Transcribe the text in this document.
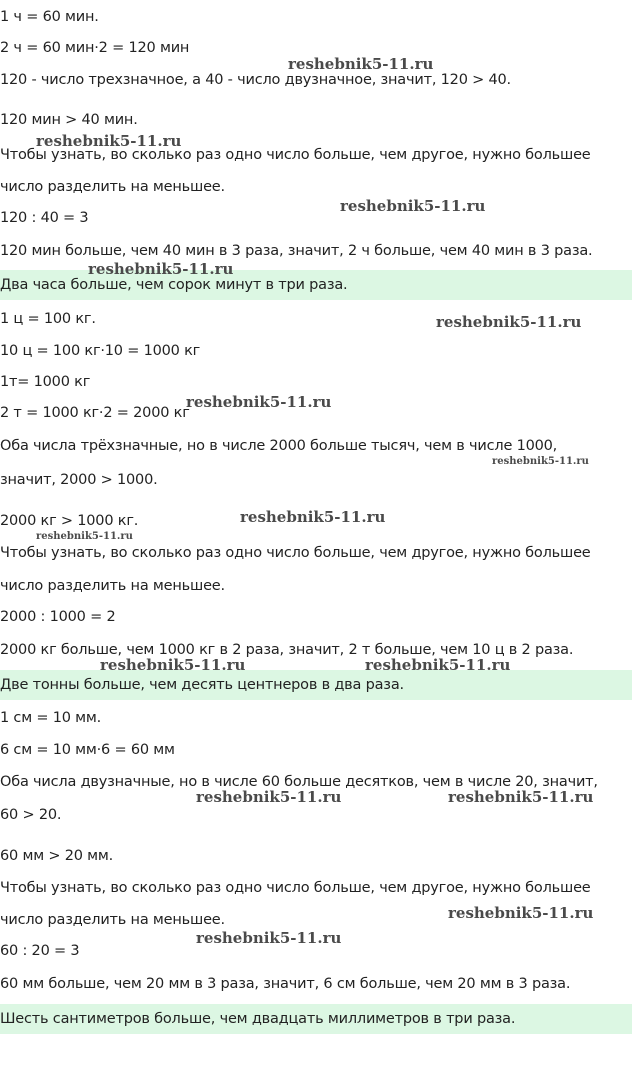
1 ч = 60 мин.
2 ч = 60 мин·2 = 120 мин
120 - число трехзначное, а 40 - число двузначное, значит, 120 > 40.
120 мин > 40 мин.
Чтобы узнать, во сколько раз одно число больше, чем другое, нужно большее
число разделить на меньшее.
120 : 40 = 3
120 мин больше, чем 40 мин в 3 раза, значит, 2 ч больше, чем 40 мин в 3 раза.
Два часа больше, чем сорок минут в три раза.
1 ц = 100 кг.
10 ц = 100 кг·10 = 1000 кг
1т= 1000 кг
2 т = 1000 кг·2 = 2000 кг
Оба числа трёхзначные, но в числе 2000 больше тысяч, чем в числе 1000,
значит, 2000 > 1000.
2000 кг > 1000 кг.
Чтобы узнать, во сколько раз одно число больше, чем другое, нужно большее
число разделить на меньшее.
2000 : 1000 = 2
2000 кг больше, чем 1000 кг в 2 раза, значит, 2 т больше, чем 10 ц в 2 раза.
Две тонны больше, чем десять центнеров в два раза.
1 см = 10 мм.
6 см = 10 мм·6 = 60 мм
Оба числа двузначные, но в числе 60 больше десятков, чем в числе 20, значит,
60 > 20.
60 мм > 20 мм.
Чтобы узнать, во сколько раз одно число больше, чем другое, нужно большее
число разделить на меньшее.
60 : 20 = 3
60 мм больше, чем 20 мм в 3 раза, значит, 6 см больше, чем 20 мм в 3 раза.
Шесть сантиметров больше, чем двадцать миллиметров в три раза.
reshebnik5-11.ru
reshebnik5-11.ru
reshebnik5-11.ru
reshebnik5-11.ru
reshebnik5-11.ru
reshebnik5-11.ru
reshebnik5-11.ru
reshebnik5-11.ru
reshebnik5-11.ru
reshebnik5-11.ru	reshebnik5-11.ru
reshebnik5-11.ru	reshebnik5-11.ru
reshebnik5-11.ru
reshebnik5-11.ru
